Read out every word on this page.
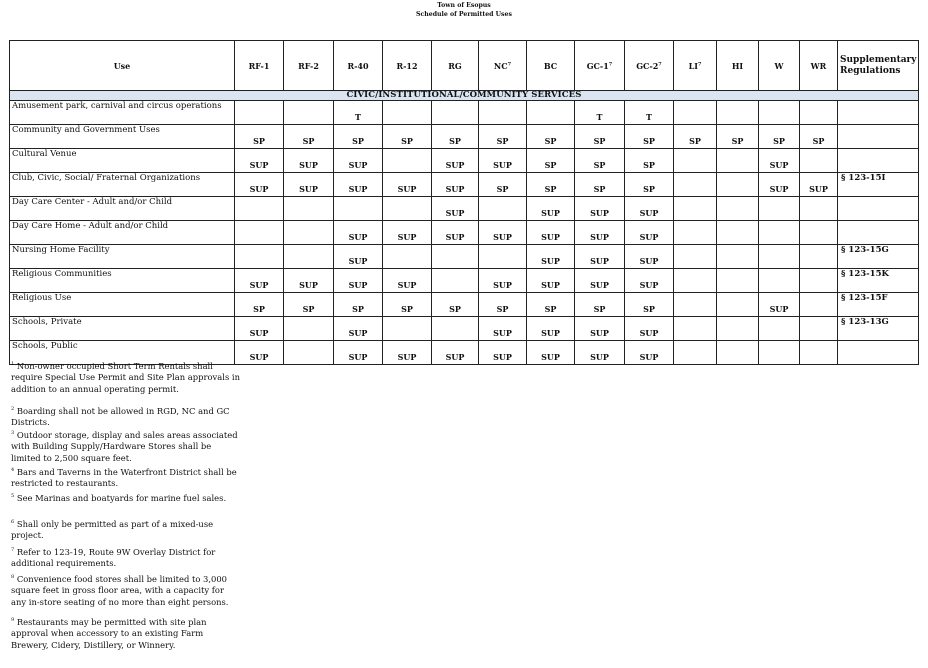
Town of Esopus
Schedule of Permitted Uses
Use	RF-1	RF-2	R-40	R-12	RG	$NC^7$	BC	$GC-1^7$	$GC-2^7$	$LI^7$	HI	W	WR	Supplementary Regulations
CIVIC/INSTITUTIONAL/COMMUNITY SERVICES														
Amusement park, carnival and circus operations			T					T	T					
Community and Government Uses	SP	SP	SP	SP	SP	SP	SP	SP	SP	SP	SP	SP	SP	
Cultural Venue	SUP	SUP	SUP		SUP	SUP	SP	SP	SP			SUP		
Club, Civic, Social/ Fraternal Organizations	SUP	SUP	SUP	SUP	SUP	SP	SP	SP	SP			SUP	SUP	§ 123-15I
Day Care Center - Adult and/or Child					SUP		SUP	SUP	SUP					
Day Care Home - Adult and/or Child			SUP	SUP	SUP	SUP	SUP	SUP	SUP					
Nursing Home Facility			SUP				SUP	SUP	SUP					§ 123-15G
Religious Communities	SUP	SUP	SUP	SUP		SUP	SUP	SUP	SUP					§ 123-15K
Religious Use	SP	SP	SP	SP	SP	SP	SP	SP	SP			SUP		§ 123-15F
Schools, Private	SUP		SUP			SUP	SUP	SUP	SUP					§ 123-13G
Schools, Public	SUP		SUP	SUP	SUP	SUP	SUP	SUP	SUP					
$^1$ Non-owner occupied Short Term Rentals shall require Special Use Permit and Site Plan approvals in addition to an annual operating permit.
$^2$ Boarding shall not be allowed in RGD, NC and GC Districts.
$^3$ Outdoor storage, display and sales areas associated with Building Supply/Hardware Stores shall be limited to 2,500 square feet.
$^4$ Bars and Taverns in the Waterfront District shall be restricted to restaurants.
$^5$ See Marinas and boatyards for marine fuel sales.
$^6$ Shall only be permitted as part of a mixed-use project.
$^7$ Refer to 123-19, Route 9W Overlay District for additional requirements.
$^8$ Convenience food stores shall be limited to 3,000 square feet in gross floor area, with a capacity for any in-store seating of no more than eight persons.
$^9$ Restaurants may be permitted with site plan approval when accessory to an existing Farm Brewery, Cidery, Distillery, or Winnery.
